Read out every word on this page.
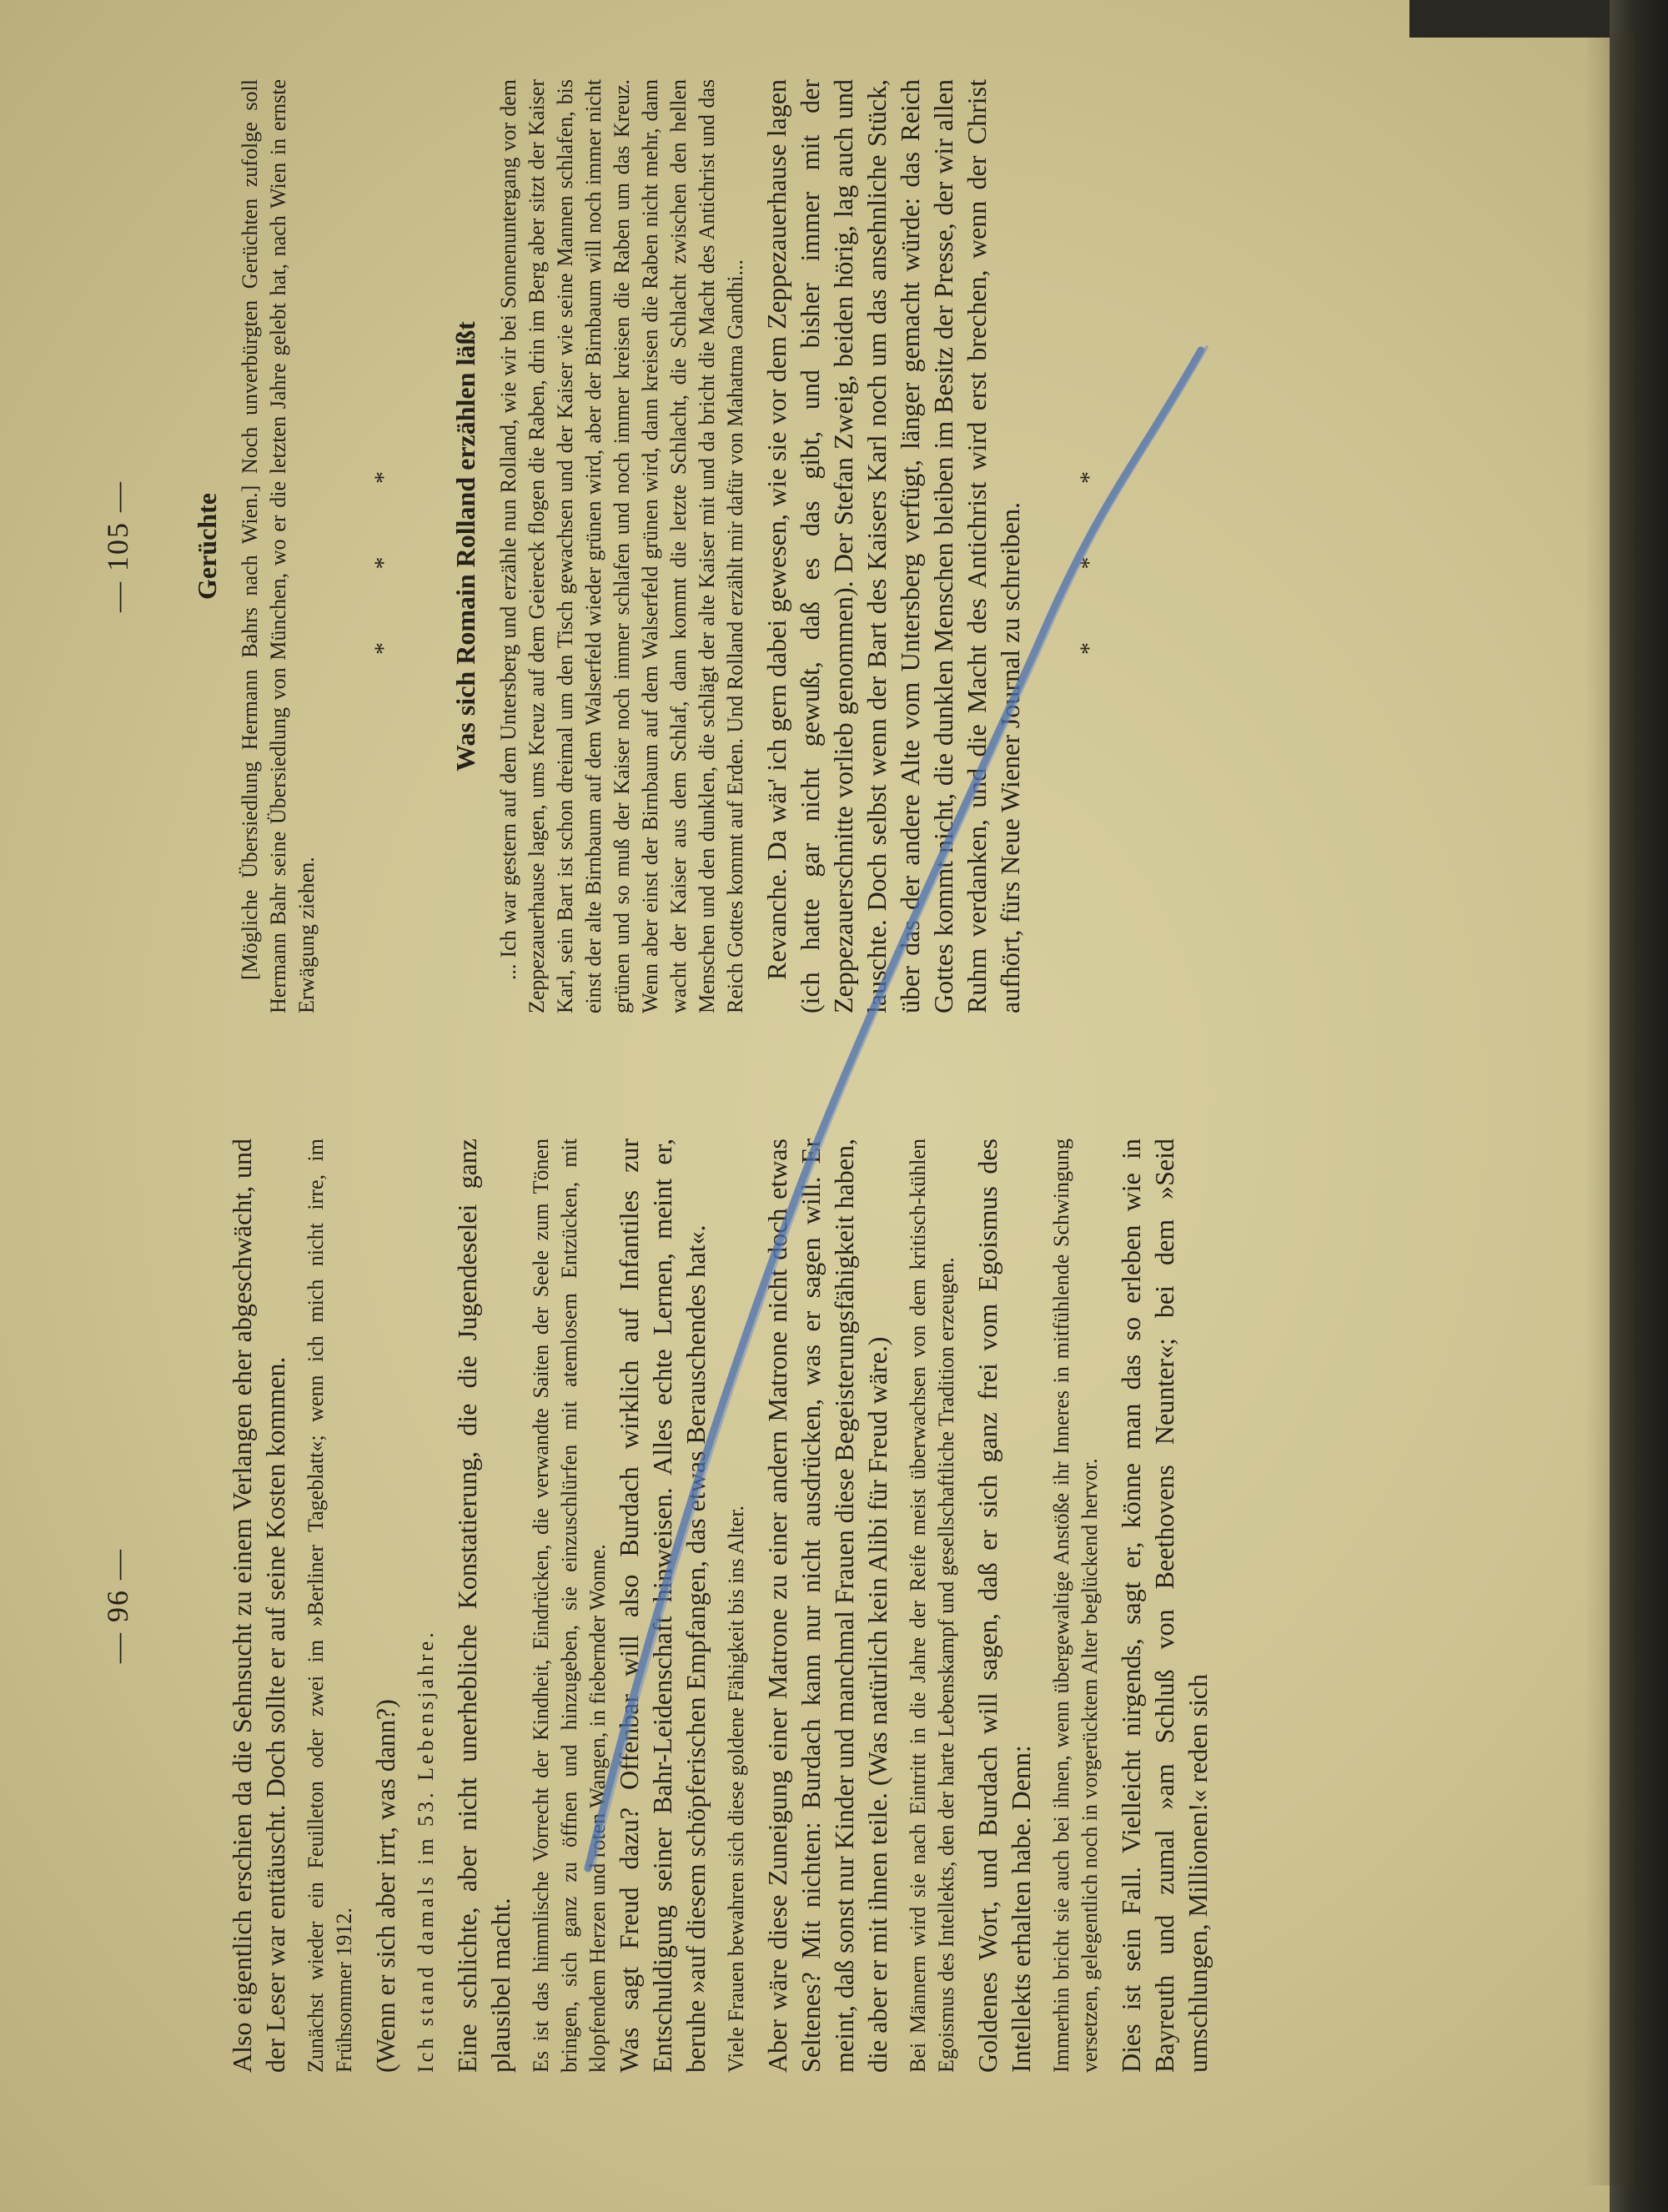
— 96 —	Also eigentlich erschien da die Sehnsucht zu einem Verlangen eher abgeschwächt, und der Leser war enttäuscht. Doch sollte er auf seine Kosten kommen. Zunächst wieder ein Feuilleton oder zwei im »Berliner Tageblatt«; wenn ich mich nicht irre, im Frühsommer 1912. (Wenn er sich aber irrt, was dann?) Ich stand damals im 53. Lebensjahre. Eine schlichte, aber nicht unerhebliche Konstatierung, die die Jugendeselei ganz plausibel macht. Es ist das himmlische Vorrecht der Kindheit, Eindrücken, die verwandte Saiten der Seele zum Tönen bringen, sich ganz zu öffnen und hinzugeben, sie einzuschlürfen mit atemlosem Entzücken, mit klopfendem Herzen und roten Wangen, in fiebernder Wonne. Was sagt Freud dazu? Offenbar will also Burdach wirklich auf Infantiles zur Entschuldigung seiner Bahr-Leidenschaft hinweisen. Alles echte Lernen, meint er, beruhe »auf diesem schöpferischen Empfangen, das etwas Berauschendes hat«. Viele Frauen bewahren sich diese goldene Fähigkeit bis ins Alter. Aber wäre diese Zuneigung einer Matrone zu einer andern Matrone nicht doch etwas Seltenes? Mit nichten: Burdach kann nur nicht ausdrücken, was er sagen will. Er meint, daß sonst nur Kinder und manchmal Frauen diese Begeisterungsfähigkeit haben, die aber er mit ihnen teile. (Was natürlich kein Alibi für Freud wäre.) Bei Männern wird sie nach Eintritt in die Jahre der Reife meist überwachsen von dem kritisch-kühlen Egoismus des Intellekts, den der harte Lebenskampf und gesellschaftliche Tradition erzeugen. Goldenes Wort, und Burdach will sagen, daß er sich ganz frei vom Egoismus des Intellekts erhalten habe. Denn: Immerhin bricht sie auch bei ihnen, wenn übergewaltige Anstöße ihr Inneres in mitfühlende Schwingung versetzen, gelegentlich noch in vorgerücktem Alter beglückend hervor. Dies ist sein Fall. Vielleicht nirgends, sagt er, könne man das so erleben wie in Bayreuth und zumal »am Schluß von Beethovens Neunter«; bei dem »Seid umschlungen, Millionen!« reden sich

— 105 — Gerüchte [Mögliche Übersiedlung Hermann Bahrs nach Wien.] Noch unverbürgten Gerüchten zufolge soll Hermann Bahr seine Übersiedlung von München, wo er die letzten Jahre gelebt hat, nach Wien in ernste Erwägung ziehen.

* * * Was sich Romain Rolland erzählen läßt ... Ich war gestern auf dem Untersberg und erzähle nun Rolland, wie wir bei Sonnenuntergang vor dem Zeppezauerhause lagen, ums Kreuz auf dem Geiereck flogen die Raben, drin im Berg aber sitzt der Kaiser Karl, sein Bart ist schon dreimal um den Tisch gewachsen und der Kaiser wie seine Mannen schlafen, bis einst der alte Birnbaum auf dem Walserfeld wieder grünen wird, aber der Birnbaum will noch immer nicht grünen und so muß der Kaiser noch immer schlafen und noch immer kreisen die Raben um das Kreuz. Wenn aber einst der Birnbaum auf dem Walserfeld grünen wird, dann kreisen die Raben nicht mehr, dann wacht der Kaiser aus dem Schlaf, dann kommt die letzte Schlacht, die Schlacht zwischen den hellen Menschen und den dunklen, die schlägt der alte Kaiser mit und da bricht die Macht des Antichrist und das Reich Gottes kommt auf Erden. Und Rolland erzählt mir dafür von Mahatma Gandhi... Revanche. Da wär' ich gern dabei gewesen, wie sie vor dem Zeppezauerhause lagen (ich hatte gar nicht gewußt, daß es das gibt, und bisher immer mit der Zeppezauerschnitte vorlieb genommen). Der Stefan Zweig, beiden hörig, lag auch und lauschte. Doch selbst wenn der Bart des Kaisers Karl noch um das ansehnliche Stück, über das der andere Alte vom Untersberg verfügt, länger gemacht würde: das Reich Gottes kommt nicht, die dunklen Menschen bleiben im Besitz der Presse, der wir allen Ruhm verdanken, und die Macht des Antichrist wird erst brechen, wenn der Christ aufhört, fürs Neue Wiener Journal zu schreiben. * * *
